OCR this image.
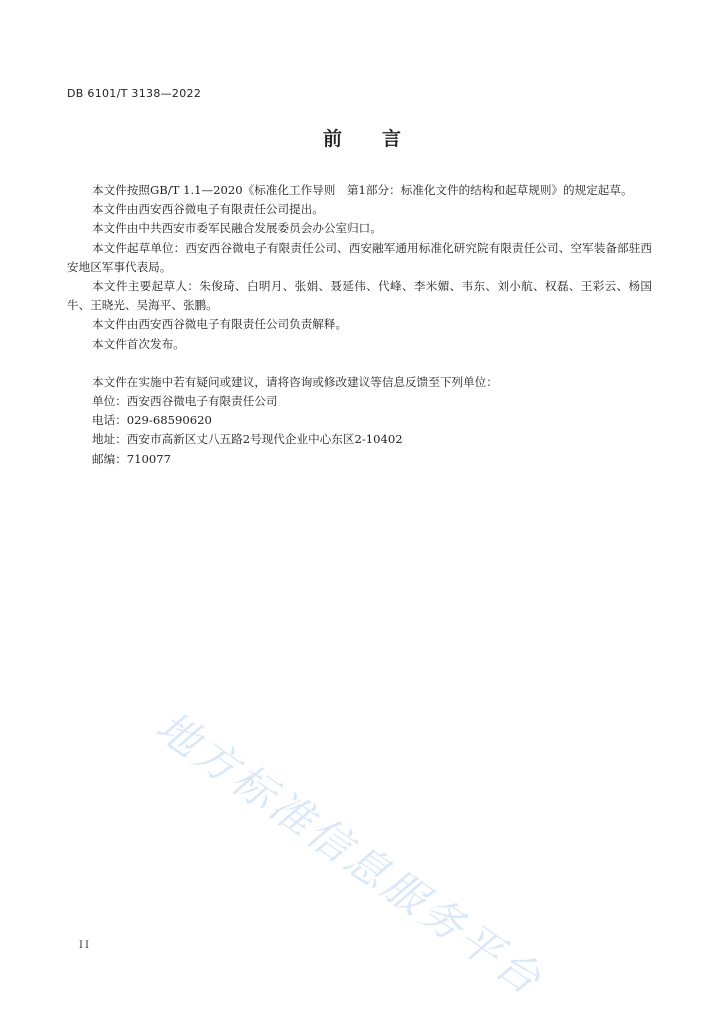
DB 6101/T 3138—2022
前言

本文件按照GB/T 1.1—2020《标准化工作导则　第1部分：标准化文件的结构和起草规则》的规定起草。

本文件由西安西谷微电子有限责任公司提出。

本文件由中共西安市委军民融合发展委员会办公室归口。

本文件起草单位：西安西谷微电子有限责任公司、西安融军通用标准化研究院有限责任公司、空军装备部驻西安地区军事代表局。

本文件主要起草人：朱俊琦、白明月、张娟、聂延伟、代峰、李米媚、韦东、刘小航、权磊、王彩云、杨国牛、王晓光、吴海平、张鹏。

本文件由西安西谷微电子有限责任公司负责解释。

本文件首次发布。

本文件在实施中若有疑问或建议，请将咨询或修改建议等信息反馈至下列单位：

单位：西安西谷微电子有限责任公司

电话：029-68590620

地址：西安市高新区丈八五路2号现代企业中心东区2-10402

邮编：710077

地方标准信息服务平台
II
